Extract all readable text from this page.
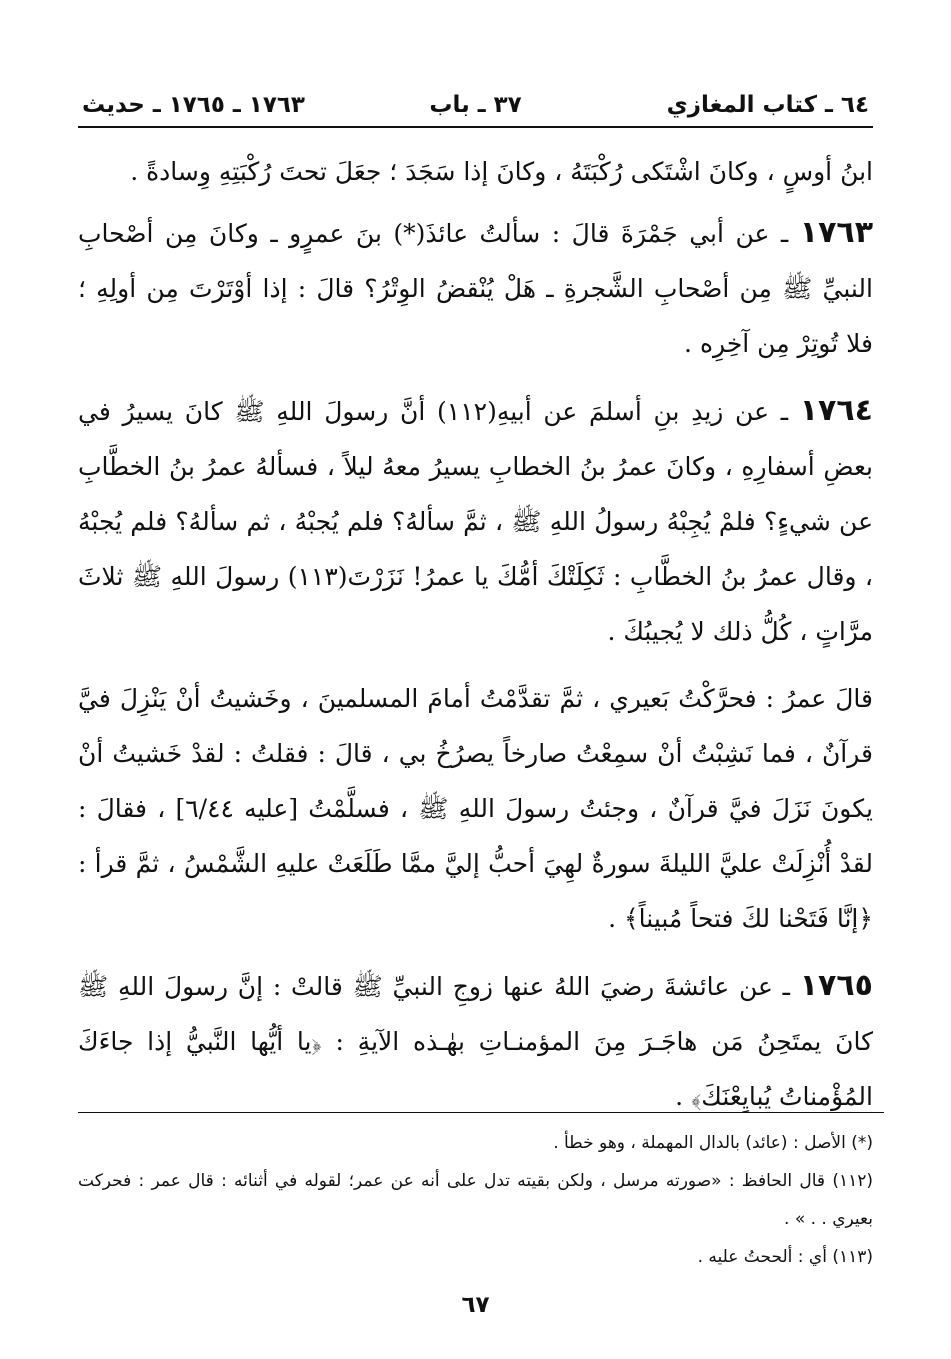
٦٤ ـ كتاب المغازي
٣٧ ـ باب
١٧٦٣ ـ ١٧٦٥ ـ حديث

ابنُ أوسٍ ، وكانَ اشْتَكى رُكْبَتَهُ ، وكانَ إذا سَجَدَ ؛ جعَلَ تحتَ رُكْبَتِهِ وِسادةً .

١٧٦٣ ـ عن أبي جَمْرَةَ قالَ : سألتُ عائذَ(*) بنَ عمرٍو ـ وكانَ مِن أصْحابِ النبيِّ ﷺ مِن أصْحابِ الشَّجرةِ ـ هَلْ يُنْقضُ الوِتْرُ؟ قالَ : إذا أوْتَرْتَ مِن أولِهِ ؛ فلا تُوتِرْ مِن آخِرِه .

١٧٦٤ ـ عن زيدِ بنِ أسلمَ عن أبيهِ(١١٢) أنَّ رسولَ اللهِ ﷺ كانَ يسيرُ في بعضِ أسفارِهِ ، وكانَ عمرُ بنُ الخطابِ يسيرُ معهُ ليلاً ، فسألهُ عمرُ بنُ الخطَّابِ عن شيءٍ؟ فلمْ يُجِبْهُ رسولُ اللهِ ﷺ ، ثمَّ سألهُ؟ فلم يُجبْهُ ، ثم سألهُ؟ فلم يُجبْهُ ، وقال عمرُ بنُ الخطَّابِ : ثَكِلَتْكَ أمُّكَ يا عمرُ! نَزَرْتَ(١١٣) رسولَ اللهِ ﷺ ثلاثَ مرَّاتٍ ، كُلُّ ذلك لا يُجيبُكَ .

قالَ عمرُ : فحرَّكْتُ بَعيري ، ثمَّ تقدَّمْتُ أمامَ المسلمينَ ، وخَشيتُ أنْ يَنْزِلَ فيَّ قرآنٌ ، فما نَشِبْتُ أنْ سمِعْتُ صارخاً يصرُخُ بي ، قالَ : فقلتُ : لقدْ خَشيتُ أنْ يكونَ نَزَلَ فيَّ قرآنٌ ، وجئتُ رسولَ اللهِ ﷺ ، فسلَّمْتُ [عليه ٦/٤٤] ، فقالَ : لقدْ أُنْزِلَتْ عليَّ الليلةَ سورةٌ لهِيَ أحبُّ إليَّ ممَّا طَلَعَتْ عليهِ الشَّمْسُ ، ثمَّ قرأ : ﴿إنَّا فَتَحْنا لكَ فتحاً مُبيناً﴾ .

١٧٦٥ ـ عن عائشةَ رضيَ اللهُ عنها زوجِ النبيِّ ﷺ قالتْ : إنَّ رسولَ اللهِ ﷺ كانَ يمتَحِنُ مَن هاجَـرَ مِنَ المؤمنـاتِ بهٰـذه الآيةِ : ﴿يا أيُّها النَّبيُّ إذا جاءَكَ المُؤْمناتُ يُبايِعْنَكَ﴾ .

(*) الأصل : (عائد) بالدال المهملة ، وهو خطأ .

(١١٢) قال الحافظ : «صورته مرسل ، ولكن بقيته تدل على أنه عن عمر؛ لقوله في أثنائه : قال عمر : فحركت بعيري . . » .

(١١٣) أي : ألححتُ عليه .

٦٧
